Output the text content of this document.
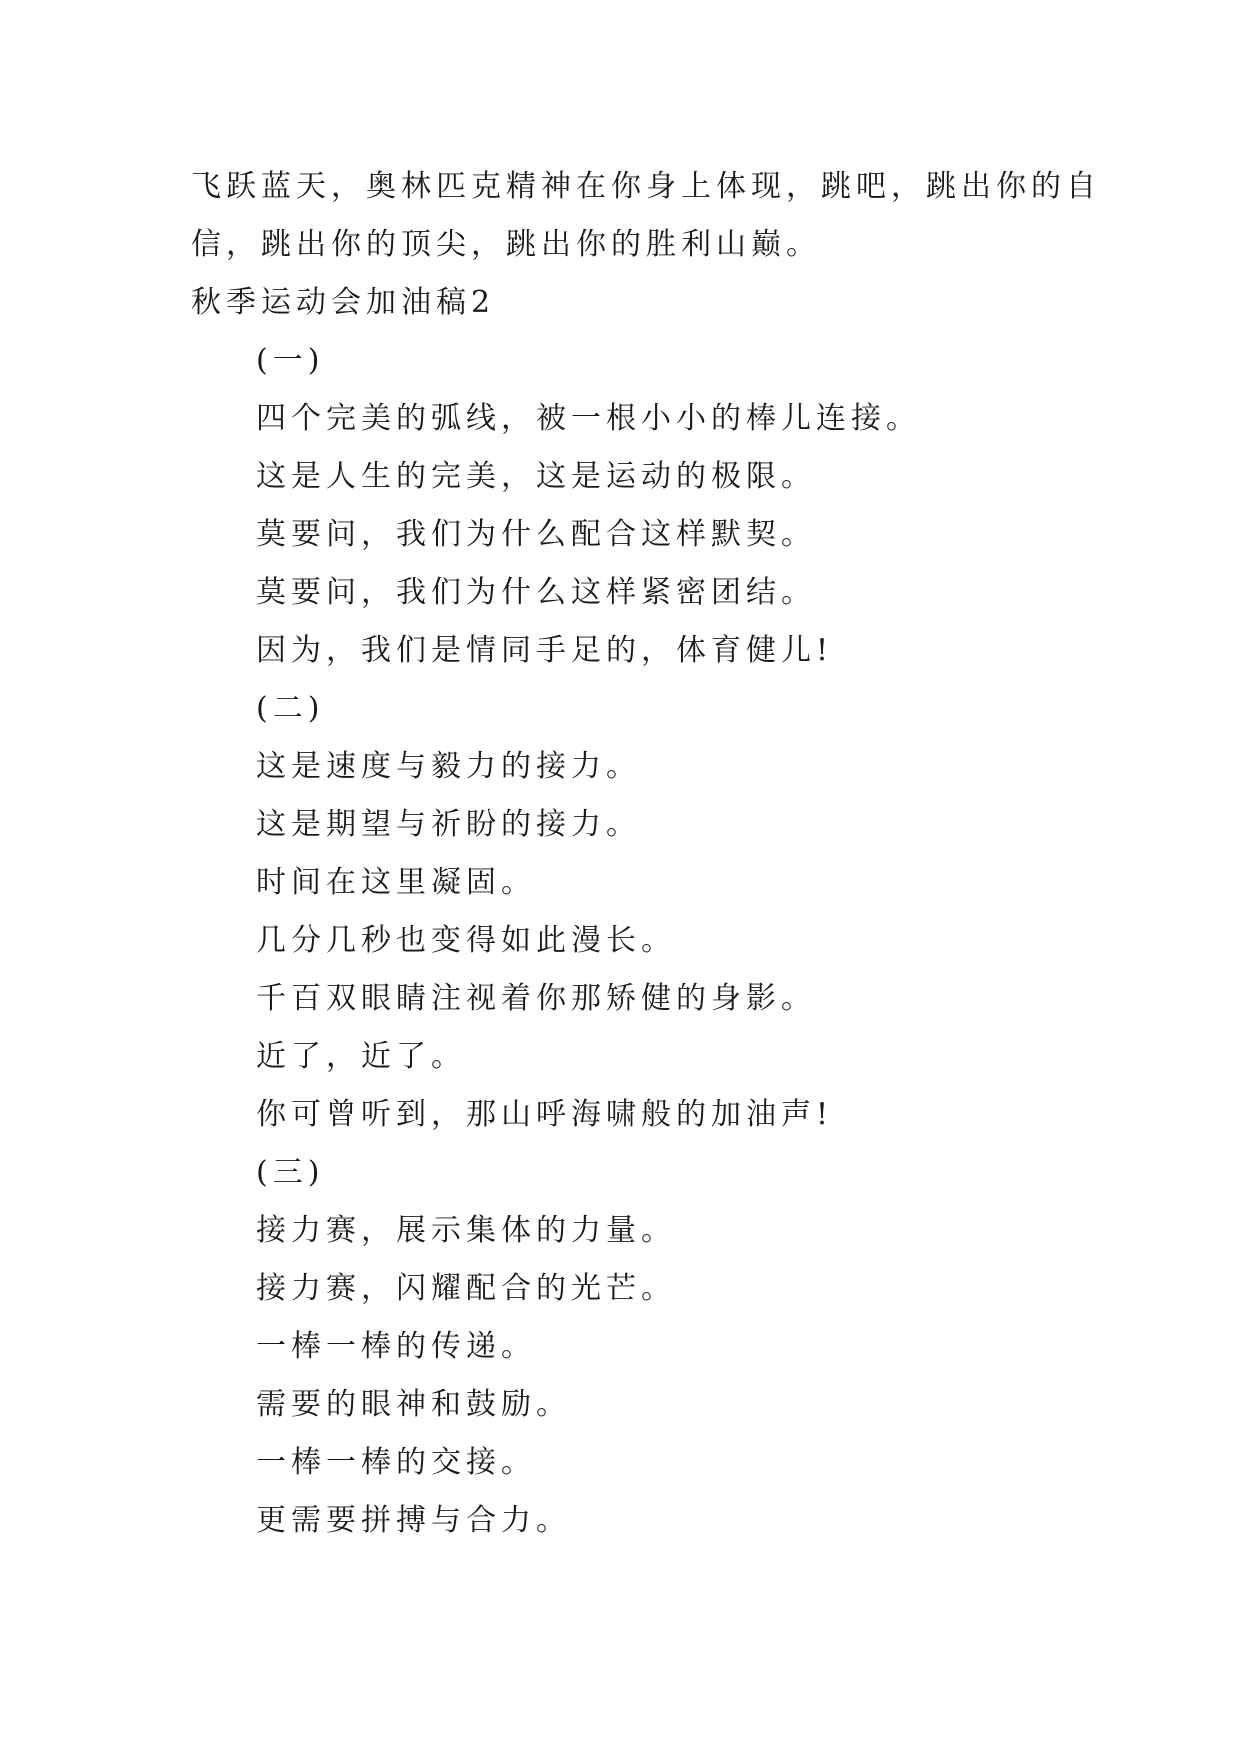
飞跃蓝天，奥林匹克精神在你身上体现，跳吧，跳出你的自
信，跳出你的顶尖，跳出你的胜利山巅。
秋季运动会加油稿2
(一)
四个完美的弧线，被一根小小的棒儿连接。
这是人生的完美，这是运动的极限。
莫要问，我们为什么配合这样默契。
莫要问，我们为什么这样紧密团结。
因为，我们是情同手足的，体育健儿!
(二)
这是速度与毅力的接力。
这是期望与祈盼的接力。
时间在这里凝固。
几分几秒也变得如此漫长。
千百双眼睛注视着你那矫健的身影。
近了，近了。
你可曾听到，那山呼海啸般的加油声!
(三)
接力赛，展示集体的力量。
接力赛，闪耀配合的光芒。
一棒一棒的传递。
需要的眼神和鼓励。
一棒一棒的交接。
更需要拼搏与合力。
